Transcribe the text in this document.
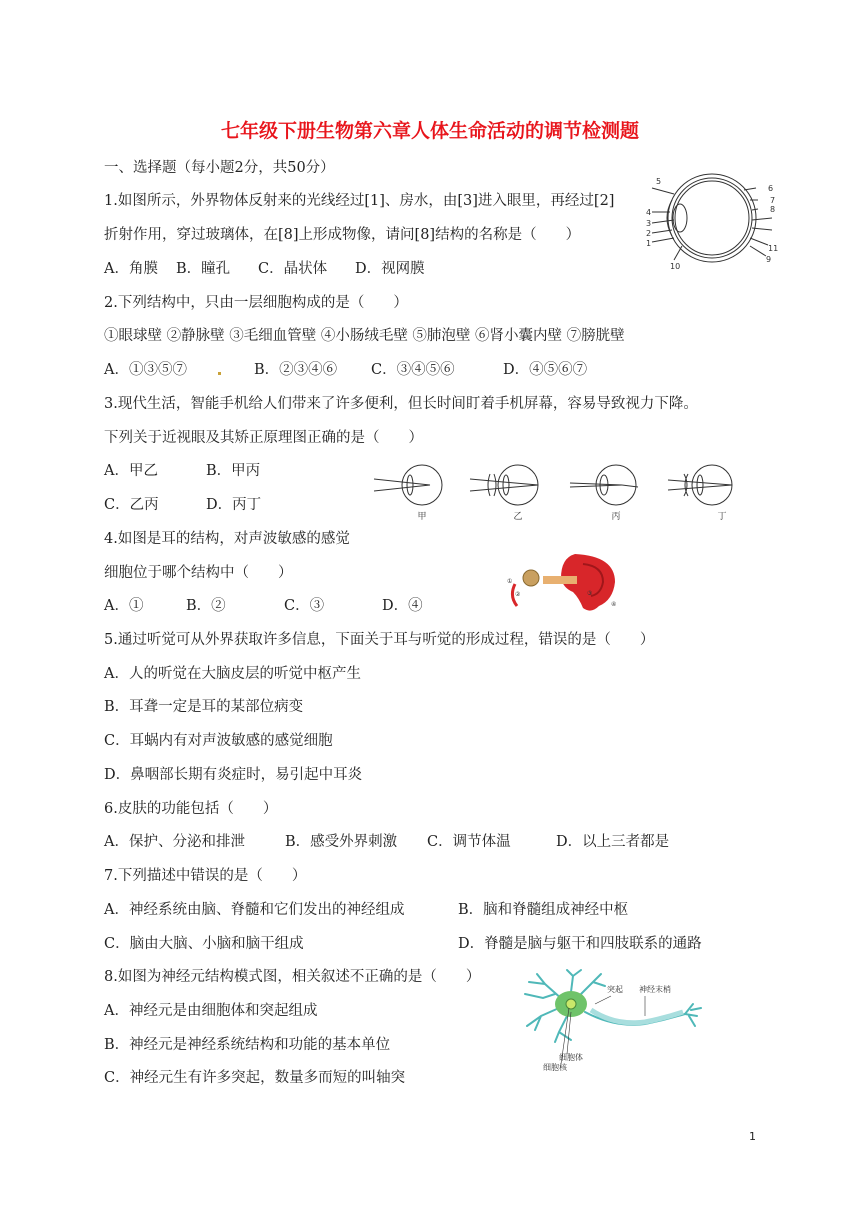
七年级下册生物第六章人体生命活动的调节检测题
一、选择题（每小题2分，共50分）
1.如图所示，外界物体反射来的光线经过[1]、房水，由[3]进入眼里，再经过[2]
折射作用，穿过玻璃体，在[8]上形成物像，请问[8]结构的名称是（　　）
A．角膜 B．瞳孔 C．晶状体 D．视网膜
5
4
3
2
1
10
6
7
8
11
9
2.下列结构中，只由一层细胞构成的是（　　）
①眼球壁 ②静脉壁 ③毛细血管壁 ④小肠绒毛壁 ⑤肺泡壁 ⑥肾小囊内壁 ⑦膀胱壁
A．①③⑤⑦	B．②③④⑥ C．③④⑤⑥	D．④⑤⑥⑦
3.现代生活，智能手机给人们带来了许多便利，但长时间盯着手机屏幕，容易导致视力下降。
下列关于近视眼及其矫正原理图正确的是（　　）
A．甲乙	B．甲丙
C．乙丙	D．丙丁
甲	乙	丙	丁
4.如图是耳的结构，对声波敏感的感觉
细胞位于哪个结构中（　　）
A．①	B．②	C．③	D．④
①
②	③
④
5.通过听觉可从外界获取许多信息，下面关于耳与听觉的形成过程，错误的是（　　）
A．人的听觉在大脑皮层的听觉中枢产生
B．耳聋一定是耳的某部位病变
C．耳蜗内有对声波敏感的感觉细胞
D．鼻咽部长期有炎症时，易引起中耳炎
6.皮肤的功能包括（　　）
A．保护、分泌和排泄	B．感受外界刺激 C．调节体温	D．以上三者都是
7.下列描述中错误的是（　　）
A．神经系统由脑、脊髓和它们发出的神经组成	B．脑和脊髓组成神经中枢
C．脑由大脑、小脑和脑干组成	D．脊髓是脑与躯干和四肢联系的通路
8.如图为神经元结构模式图，相关叙述不正确的是（　　）
A．神经元是由细胞体和突起组成
B．神经元是神经系统结构和功能的基本单位
C．神经元生有许多突起，数量多而短的叫轴突
突起 神经末梢
细胞体
细胞核
1
